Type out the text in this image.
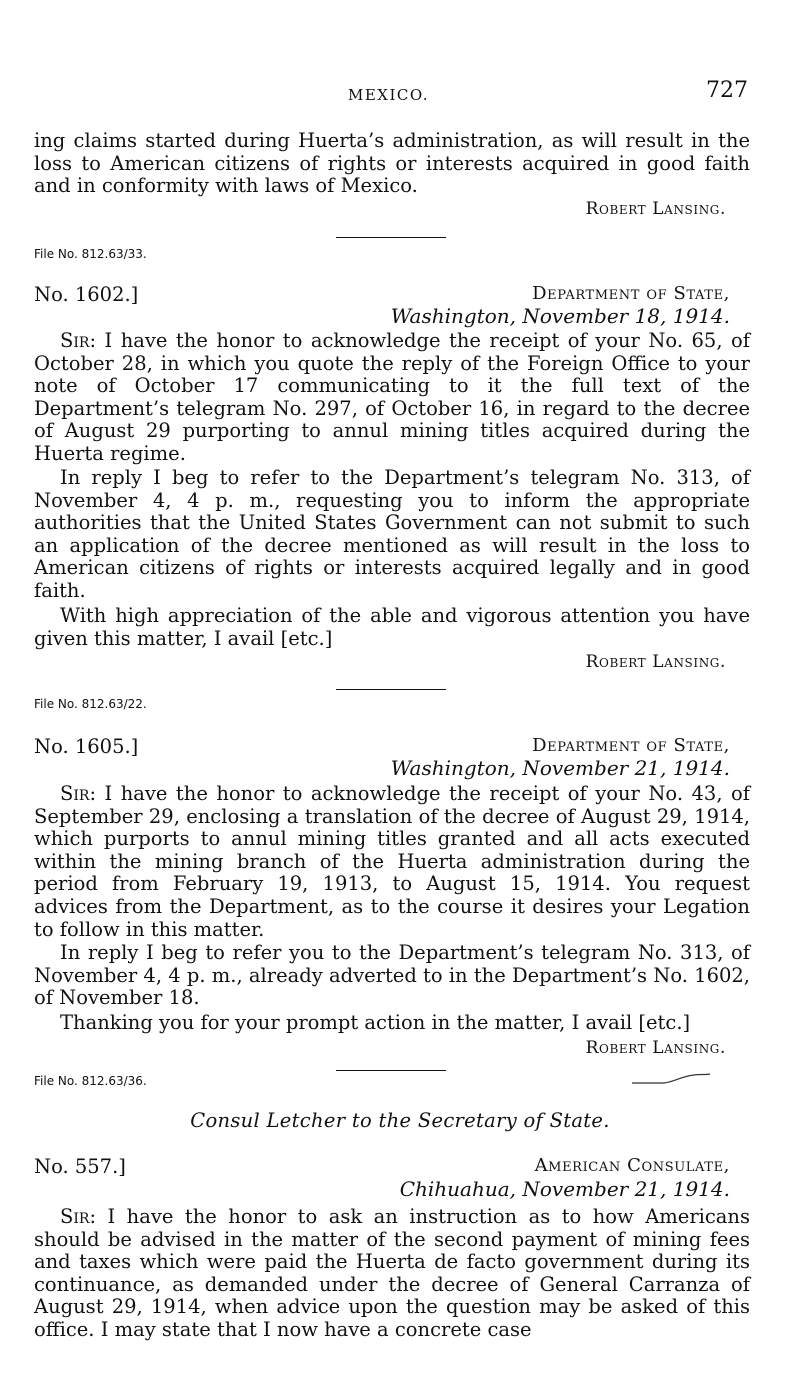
MEXICO.	727

ing claims started during Huerta’s administration, as will result in the loss to American citizens of rights or interests acquired in good faith and in conformity with laws of Mexico.

Robert Lansing.
File No. 812.63/33.
No. 1602.]	Department of State,
Washington, November 18, 1914.

Sir: I have the honor to acknowledge the receipt of your No. 65, of October 28, in which you quote the reply of the Foreign Office to your note of October 17 communicating to it the full text of the Department’s telegram No. 297, of October 16, in regard to the decree of August 29 purporting to annul mining titles acquired during the Huerta regime.

In reply I beg to refer to the Department’s telegram No. 313, of November 4, 4 p. m., requesting you to inform the appropriate authorities that the United States Government can not submit to such an application of the decree mentioned as will result in the loss to American citizens of rights or interests acquired legally and in good faith.

With high appreciation of the able and vigorous attention you have given this matter, I avail [etc.]

Robert Lansing.
File No. 812.63/22.
No. 1605.]	Department of State,
Washington, November 21, 1914.

Sir: I have the honor to acknowledge the receipt of your No. 43, of September 29, enclosing a translation of the decree of August 29, 1914, which purports to annul mining titles granted and all acts executed within the mining branch of the Huerta administration during the period from February 19, 1913, to August 15, 1914. You request advices from the Department, as to the course it desires your Legation to follow in this matter.

In reply I beg to refer you to the Department’s telegram No. 313, of November 4, 4 p. m., already adverted to in the Department’s No. 1602, of November 18.

Thanking you for your prompt action in the matter, I avail [etc.]

Robert Lansing.
File No. 812.63/36.
Consul Letcher to the Secretary of State.
No. 557.]	American Consulate,
Chihuahua, November 21, 1914.

Sir: I have the honor to ask an instruction as to how Americans should be advised in the matter of the second payment of mining fees and taxes which were paid the Huerta de facto government during its continuance, as demanded under the decree of General Carranza of August 29, 1914, when advice upon the question may be asked of this office. I may state that I now have a concrete case
